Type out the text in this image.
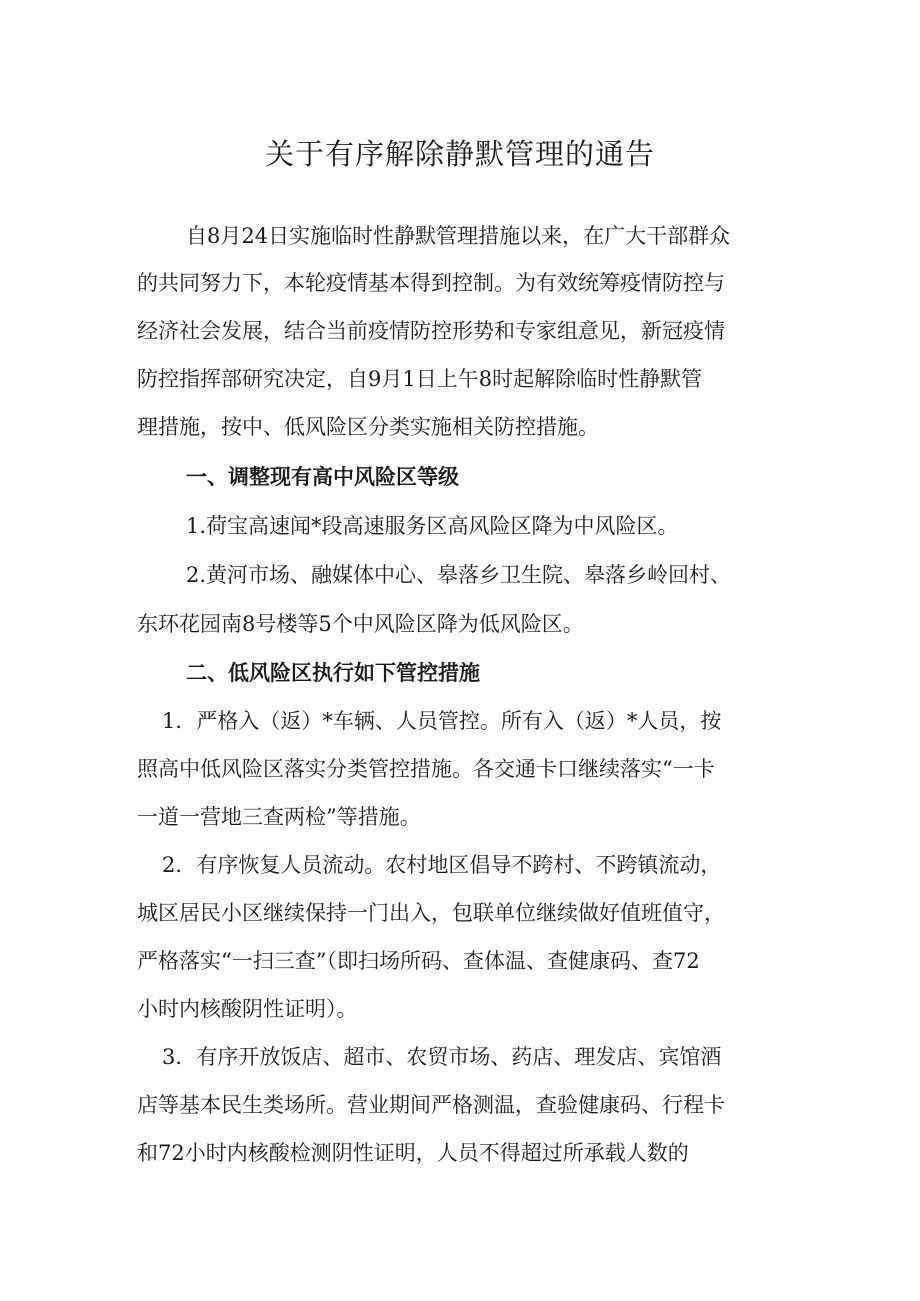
关于有序解除静默管理的通告

自8月24日实施临时性静默管理措施以来，在广大干部群众

的共同努力下，本轮疫情基本得到控制。为有效统筹疫情防控与

经济社会发展，结合当前疫情防控形势和专家组意见，新冠疫情

防控指挥部研究决定，自9月1日上午8时起解除临时性静默管

理措施，按中、低风险区分类实施相关防控措施。

一、调整现有高中风险区等级

1.荷宝高速闻*段高速服务区高风险区降为中风险区。

2.黄河市场、融媒体中心、皋落乡卫生院、皋落乡岭回村、

东环花园南8号楼等5个中风险区降为低风险区。

二、低风险区执行如下管控措施

1．严格入（返）*车辆、人员管控。所有入（返）*人员，按

照高中低风险区落实分类管控措施。各交通卡口继续落实“一卡

一道一营地三查两检”等措施。

2．有序恢复人员流动。农村地区倡导不跨村、不跨镇流动，

城区居民小区继续保持一门出入，包联单位继续做好值班值守，

严格落实“一扫三查”（即扫场所码、查体温、查健康码、查72

小时内核酸阴性证明）。

3．有序开放饭店、超市、农贸市场、药店、理发店、宾馆酒

店等基本民生类场所。营业期间严格测温，查验健康码、行程卡

和72小时内核酸检测阴性证明，人员不得超过所承载人数的
